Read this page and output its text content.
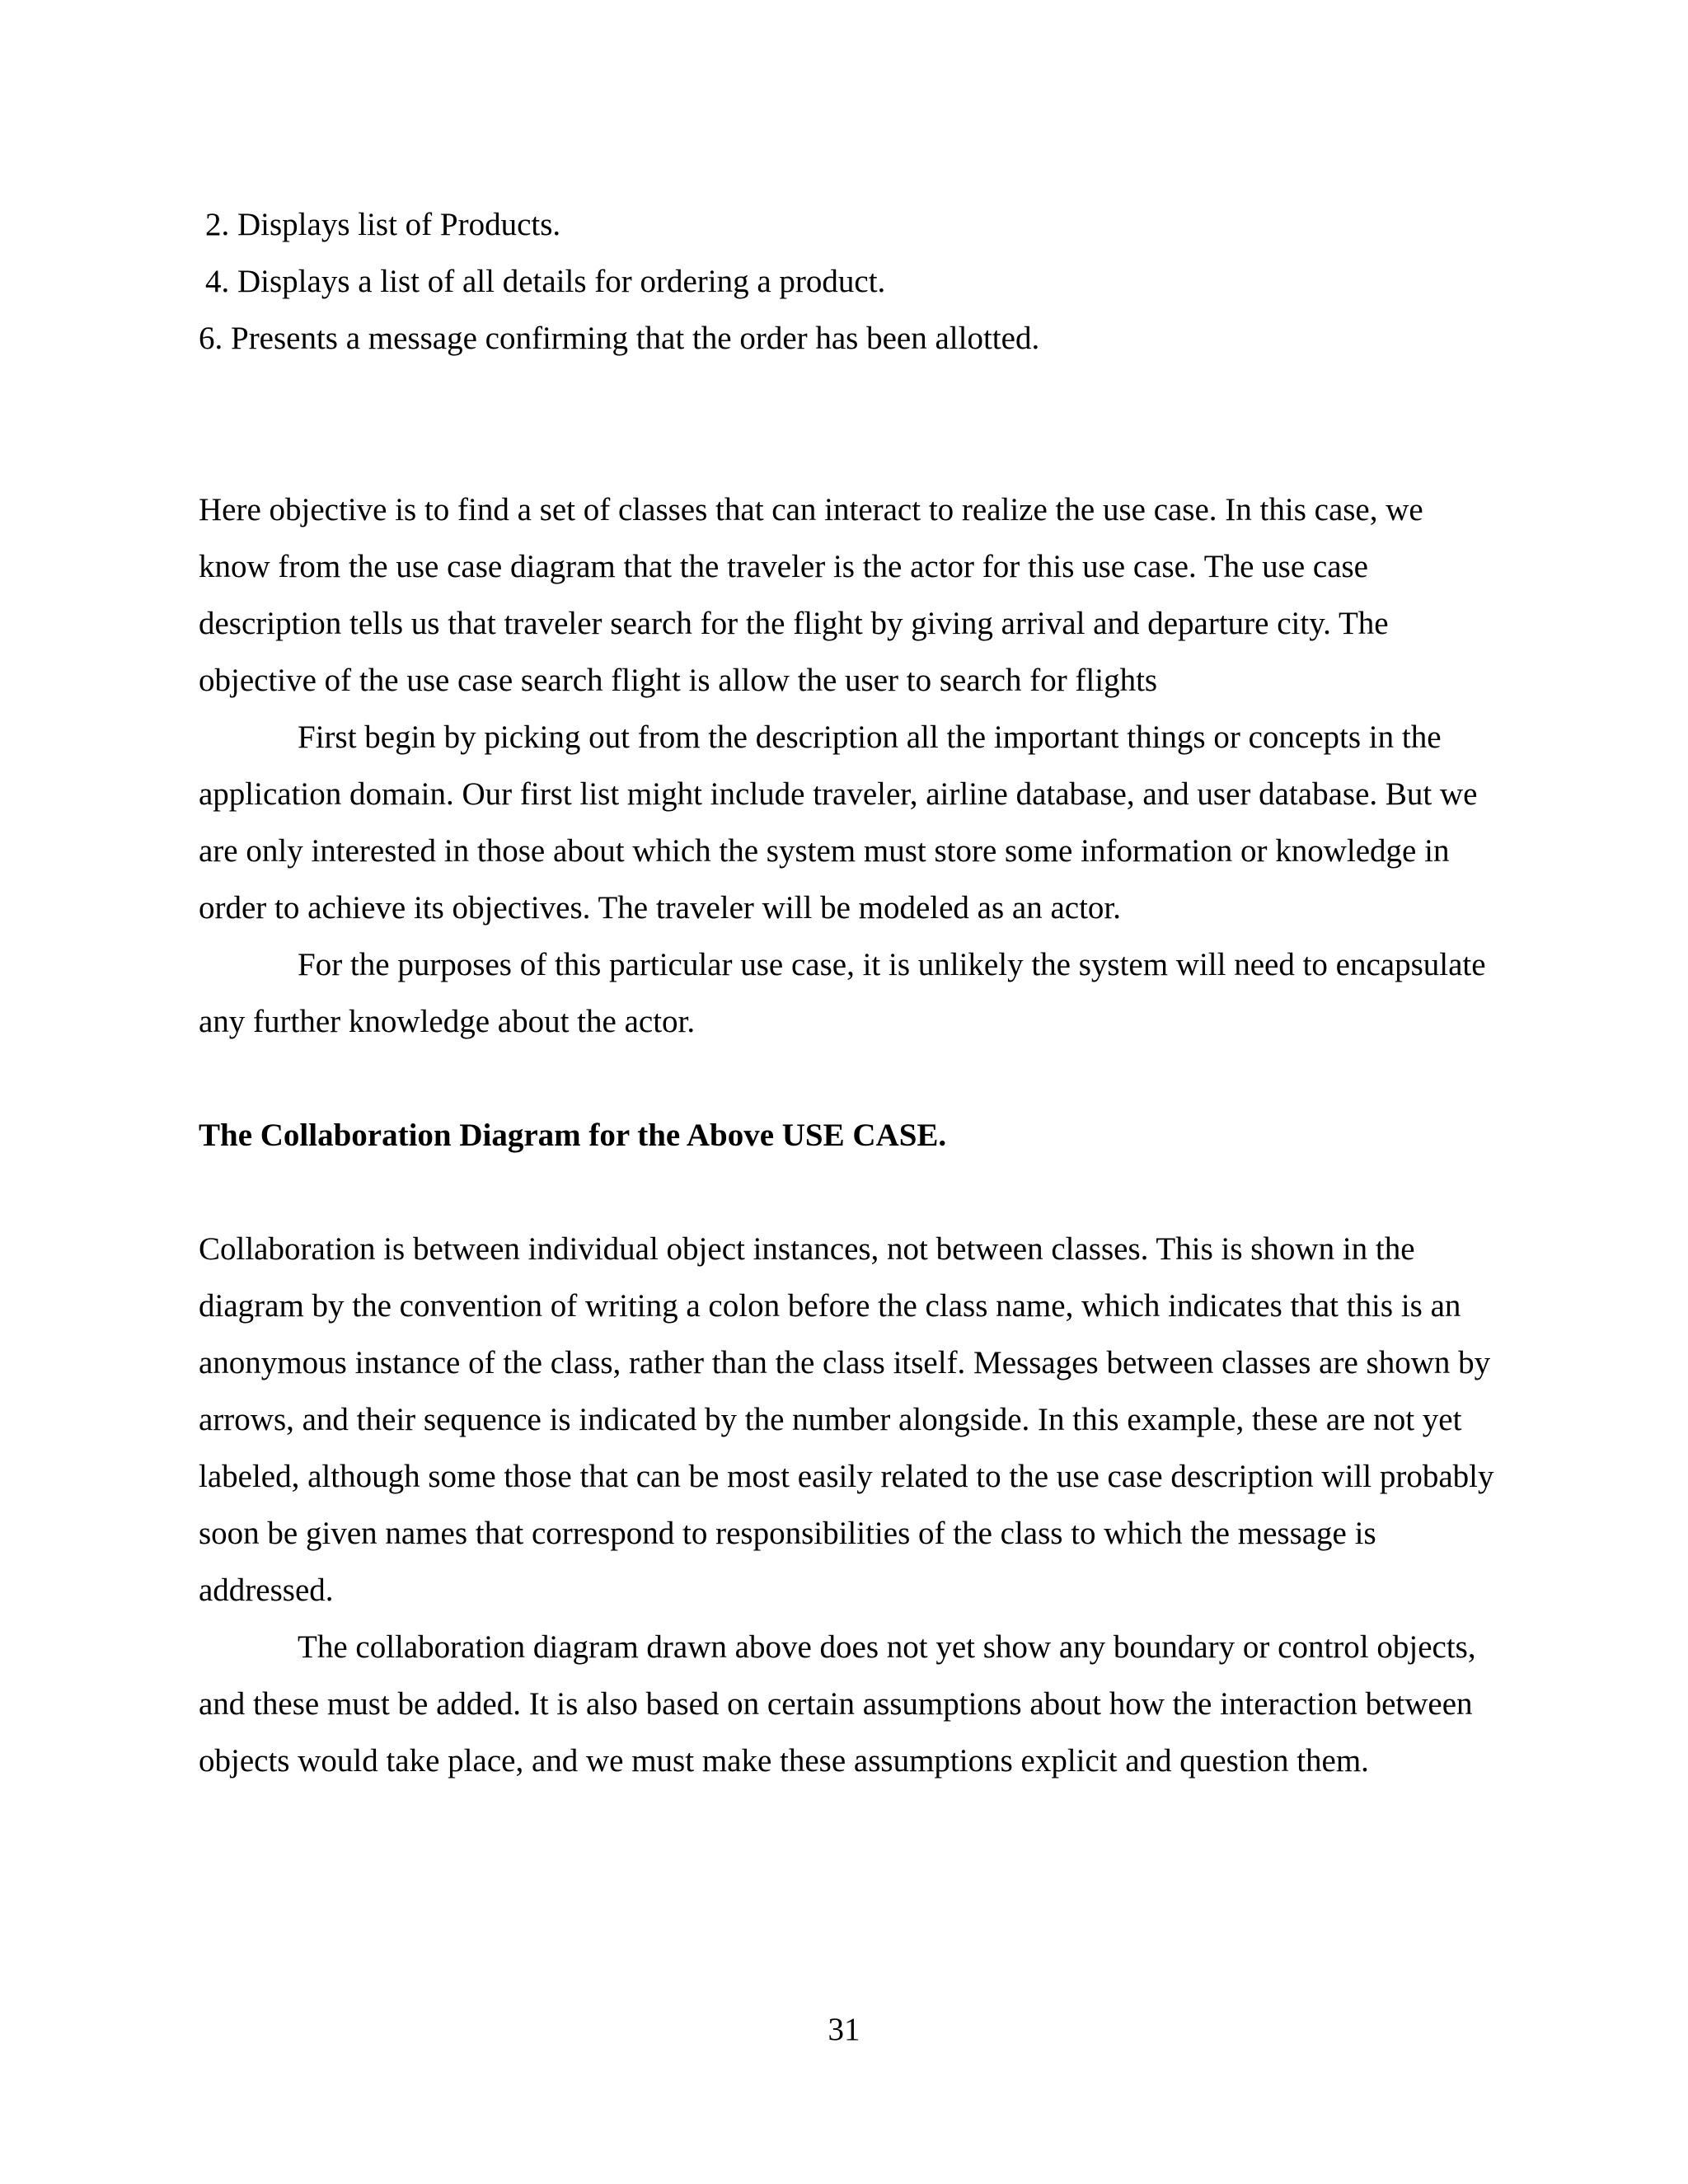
2. Displays list of Products.

4. Displays a list of all details for ordering a product.

6. Presents a message confirming that the order has been allotted.

Here objective is to find a set of classes that can interact to realize the use case. In this case, we know from the use case diagram that the traveler is the actor for this use case. The use case description tells us that traveler search for the flight by giving arrival and departure city. The objective of the use case search flight is allow the user to search for flights

First begin by picking out from the description all the important things or concepts in the application domain. Our first list might include traveler, airline database, and user database. But we are only interested in those about which the system must store some information or knowledge in order to achieve its objectives. The traveler will be modeled as an actor.

For the purposes of this particular use case, it is unlikely the system will need to encapsulate any further knowledge about the actor.

The Collaboration Diagram for the Above USE CASE.

Collaboration is between individual object instances, not between classes. This is shown in the diagram by the convention of writing a colon before the class name, which indicates that this is an anonymous instance of the class, rather than the class itself. Messages between classes are shown by arrows, and their sequence is indicated by the number alongside. In this example, these are not yet labeled, although some those that can be most easily related to the use case description will probably soon be given names that correspond to responsibilities of the class to which the message is addressed.

The collaboration diagram drawn above does not yet show any boundary or control objects, and these must be added. It is also based on certain assumptions about how the interaction between objects would take place, and we must make these assumptions explicit and question them.

31
